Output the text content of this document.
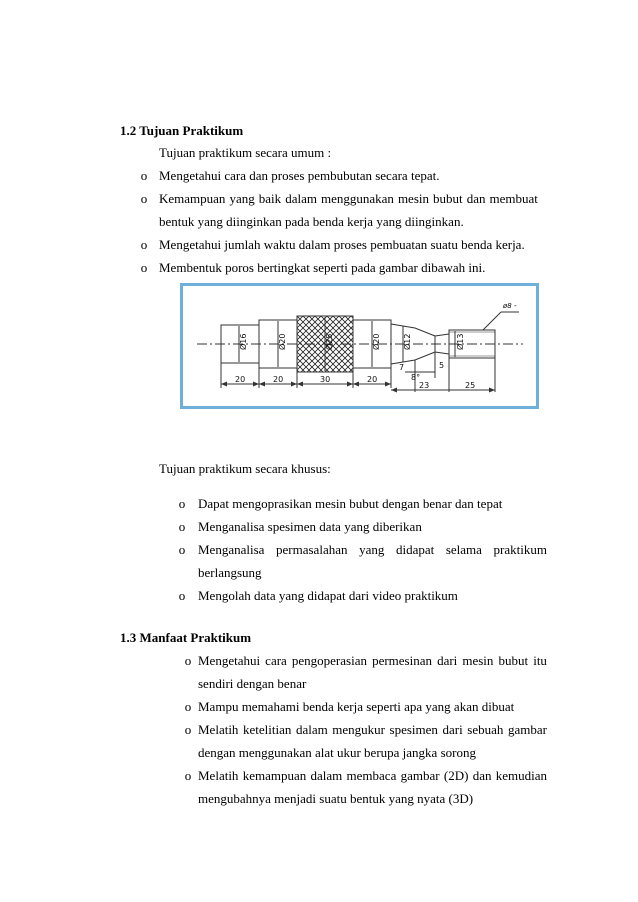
1.2 Tujuan Praktikum
Tujuan praktikum secara umum :
o Mengetahui cara dan proses pembubutan secara tepat.
o Kemampuan yang baik dalam menggunakan mesin bubut dan membuat
bentuk yang diinginkan pada benda kerja yang diinginkan.
o Mengetahui jumlah waktu dalam proses pembuatan suatu benda kerja.
o Membentuk poros bertingkat seperti pada gambar dibawah ini.
20	20	30	20
23	25
7	5
8°
ø8 -
Ø16	Ø20	Ø25	Ø20	Ø12	Ø13
Tujuan praktikum secara khusus:
o Dapat mengoprasikan mesin bubut dengan benar dan tepat
o Menganalisa spesimen data yang diberikan
o Menganalisa permasalahan yang didapat selama praktikum
berlangsung
o Mengolah data yang didapat dari video praktikum
1.3 Manfaat Praktikum
o Mengetahui cara pengoperasian permesinan dari mesin bubut itu
sendiri dengan benar
o Mampu memahami benda kerja seperti apa yang akan dibuat
o Melatih ketelitian dalam mengukur spesimen dari sebuah gambar
dengan menggunakan alat ukur berupa jangka sorong
o Melatih kemampuan dalam membaca gambar (2D) dan kemudian
mengubahnya menjadi suatu bentuk yang nyata (3D)
